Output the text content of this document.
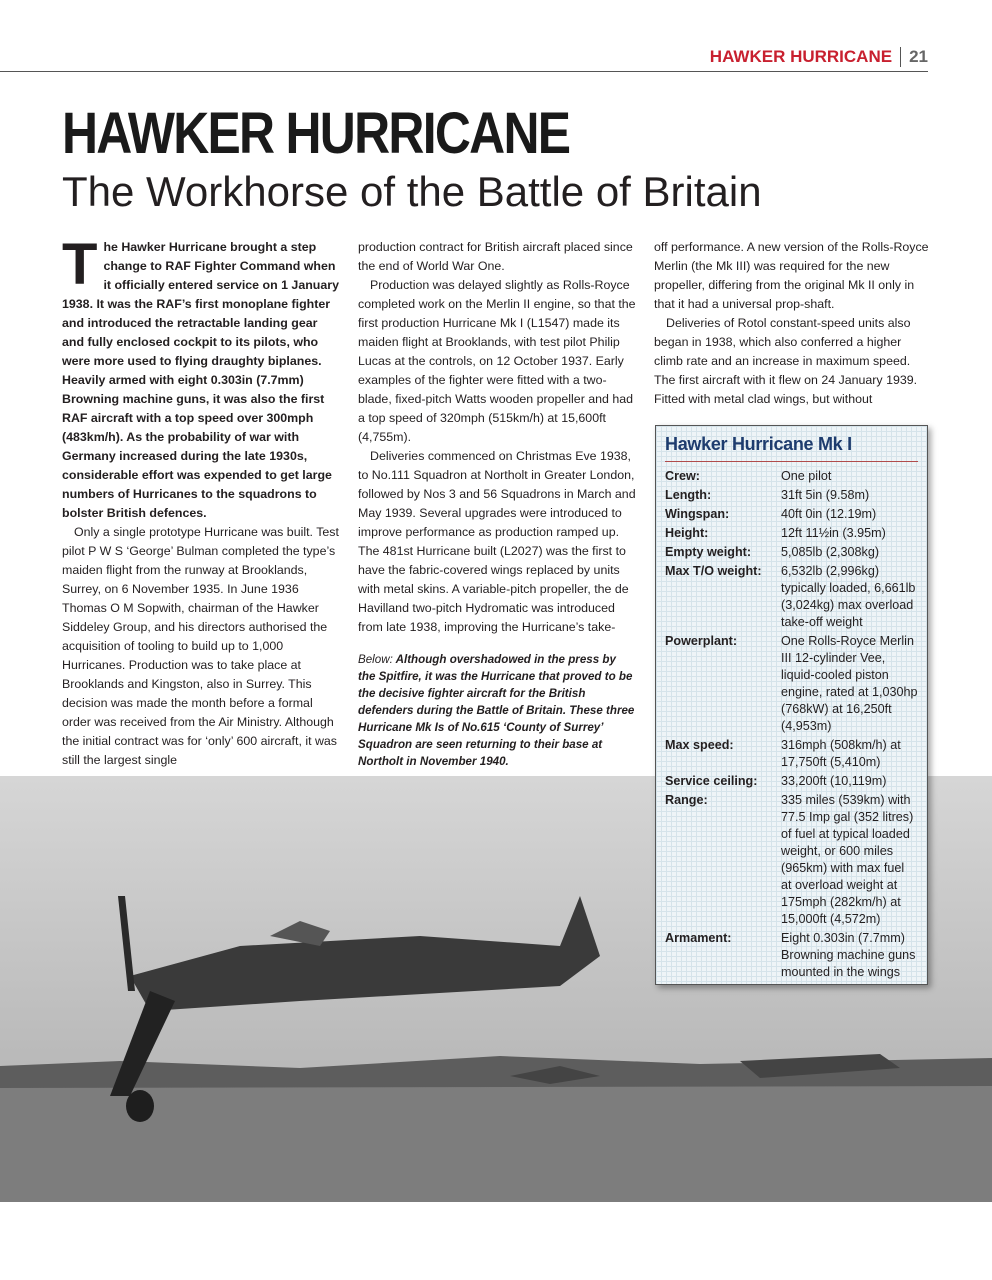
HAWKER HURRICANE 21
HAWKER HURRICANE
The Workhorse of the Battle of Britain

The Hawker Hurricane brought a step change to RAF Fighter Command when it officially entered service on 1 January 1938. It was the RAF’s first monoplane fighter and introduced the retractable landing gear and fully enclosed cockpit to its pilots, who were more used to flying draughty biplanes. Heavily armed with eight 0.303in (7.7mm) Browning machine guns, it was also the first RAF aircraft with a top speed over 300mph (483km/h). As the probability of war with Germany increased during the late 1930s, considerable effort was expended to get large numbers of Hurricanes to the squadrons to bolster British defences.

Only a single prototype Hurricane was built. Test pilot P W S ‘George’ Bulman completed the type’s maiden flight from the runway at Brooklands, Surrey, on 6 November 1935. In June 1936 Thomas O M Sopwith, chairman of the Hawker Siddeley Group, and his directors authorised the acquisition of tooling to build up to 1,000 Hurricanes. Production was to take place at Brooklands and Kingston, also in Surrey. This decision was made the month before a formal order was received from the Air Ministry. Although the initial contract was for ‘only’ 600 aircraft, it was still the largest single

production contract for British aircraft placed since the end of World War One.

Production was delayed slightly as Rolls-Royce completed work on the Merlin II engine, so that the first production Hurricane Mk I (L1547) made its maiden flight at Brooklands, with test pilot Philip Lucas at the controls, on 12 October 1937. Early examples of the fighter were fitted with a two-blade, fixed-pitch Watts wooden propeller and had a top speed of 320mph (515km/h) at 15,600ft (4,755m).

Deliveries commenced on Christmas Eve 1938, to No.111 Squadron at Northolt in Greater London, followed by Nos 3 and 56 Squadrons in March and May 1939. Several upgrades were introduced to improve performance as production ramped up. The 481st Hurricane built (L2027) was the first to have the fabric-covered wings replaced by units with metal skins. A variable-pitch propeller, the de Havilland two-pitch Hydromatic was introduced from late 1938, improving the Hurricane’s take-

Below: Although overshadowed in the press by the Spitfire, it was the Hurricane that proved to be the decisive fighter aircraft for the British defenders during the Battle of Britain. These three Hurricane Mk Is of No.615 ‘County of Surrey’ Squadron are seen returning to their base at Northolt in November 1940.

off performance. A new version of the Rolls-Royce Merlin (the Mk III) was required for the new propeller, differing from the original Mk II only in that it had a universal prop-shaft.

Deliveries of Rotol constant-speed units also began in 1938, which also conferred a higher climb rate and an increase in maximum speed. The first aircraft with it flew on 24 January 1939. Fitted with metal clad wings, but without

Hawker Hurricane Mk I
Crew:	One pilot
Length:	31ft 5in (9.58m)
Wingspan:	40ft 0in (12.19m)
Height:	12ft 11½in (3.95m)
Empty weight:	5,085lb (2,308kg)
Max T/O weight:	6,532lb (2,996kg) typically loaded, 6,661lb (3,024kg) max overload take-off weight
Powerplant:	One Rolls-Royce Merlin III 12-cylinder Vee, liquid-cooled piston engine, rated at 1,030hp (768kW) at 16,250ft (4,953m)
Max speed:	316mph (508km/h) at 17,750ft (5,410m)
Service ceiling:	33,200ft (10,119m)
Range:	335 miles (539km) with 77.5 Imp gal (352 litres) of fuel at typical loaded weight, or 600 miles (965km) with max fuel at overload weight at 175mph (282km/h) at 15,000ft (4,572m)
Armament:	Eight 0.303in (7.7mm) Browning machine guns mounted in the wings
